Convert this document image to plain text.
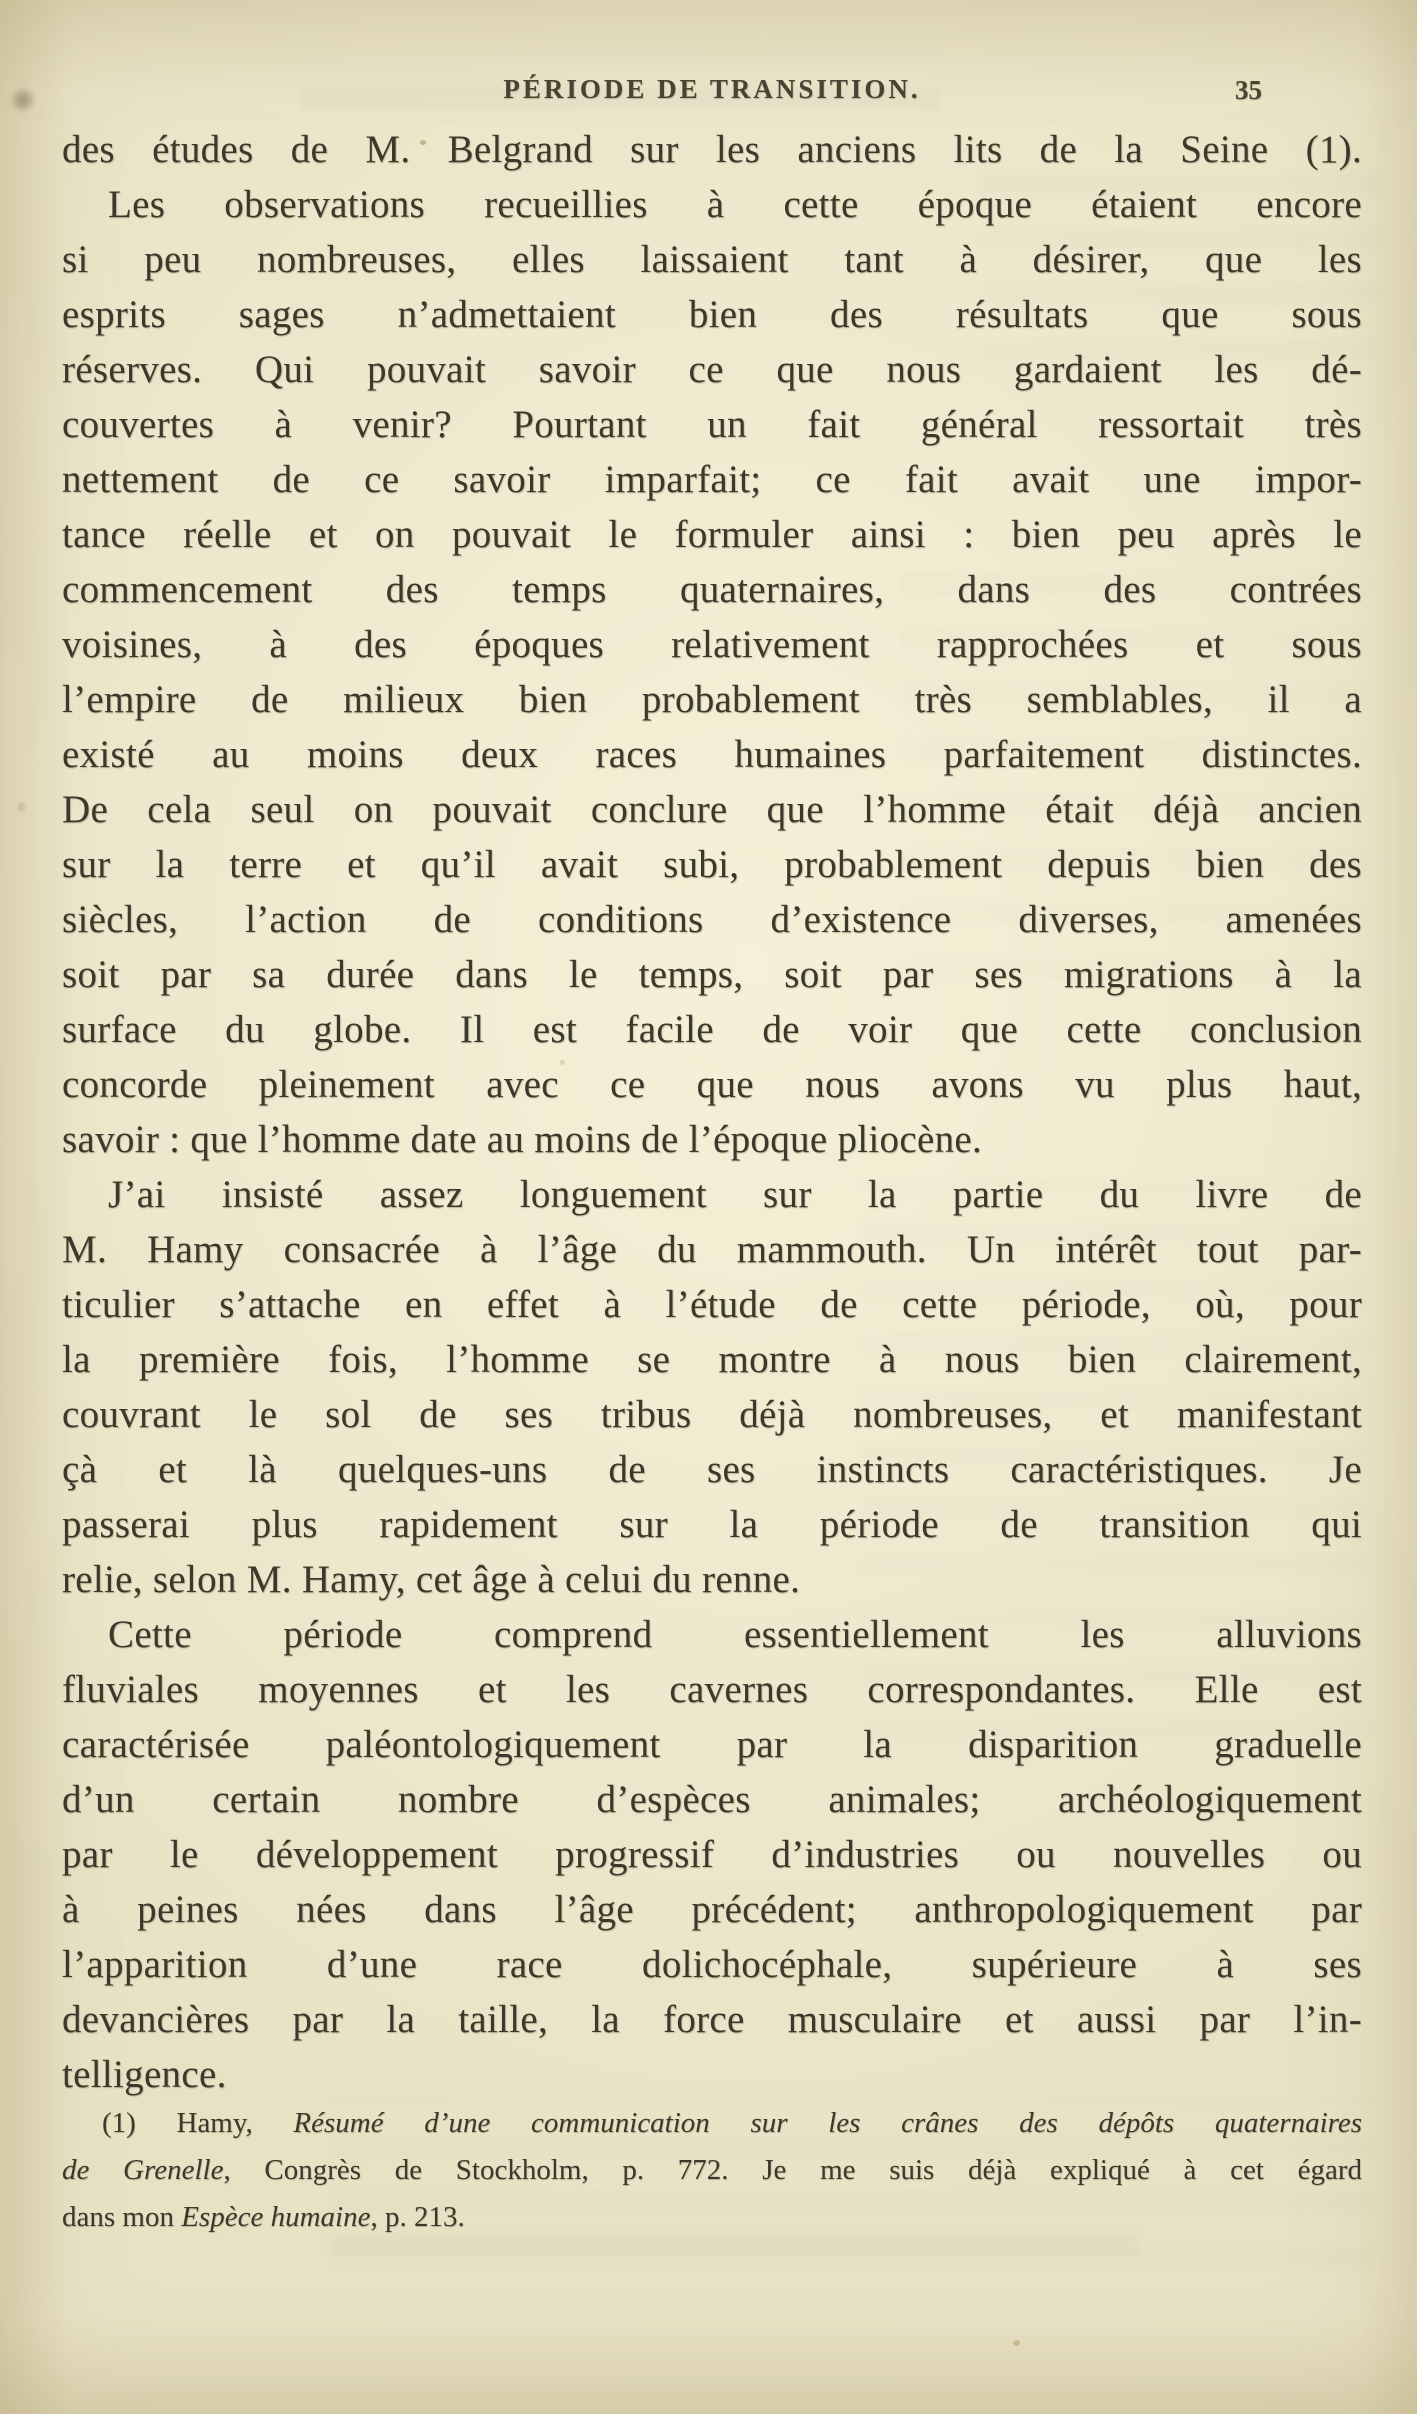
PÉRIODE DE TRANSITION.	35
des études de M. Belgrand sur les anciens lits de la Seine (1).
Les observations recueillies à cette époque étaient encore
si peu nombreuses, elles laissaient tant à désirer, que les
esprits sages n’admettaient bien des résultats que sous
réserves. Qui pouvait savoir ce que nous gardaient les dé-
couvertes à venir? Pourtant un fait général ressortait très
nettement de ce savoir imparfait; ce fait avait une impor-
tance réelle et on pouvait le formuler ainsi : bien peu après le
commencement des temps quaternaires, dans des contrées
voisines, à des époques relativement rapprochées et sous
l’empire de milieux bien probablement très semblables, il a
existé au moins deux races humaines parfaitement distinctes.
De cela seul on pouvait conclure que l’homme était déjà ancien
sur la terre et qu’il avait subi, probablement depuis bien des
siècles, l’action de conditions d’existence diverses, amenées
soit par sa durée dans le temps, soit par ses migrations à la
surface du globe. Il est facile de voir que cette conclusion
concorde pleinement avec ce que nous avons vu plus haut,
savoir : que l’homme date au moins de l’époque pliocène.
J’ai insisté assez longuement sur la partie du livre de
M. Hamy consacrée à l’âge du mammouth. Un intérêt tout par-
ticulier s’attache en effet à l’étude de cette période, où, pour
la première fois, l’homme se montre à nous bien clairement,
couvrant le sol de ses tribus déjà nombreuses, et manifestant
çà et là quelques-uns de ses instincts caractéristiques. Je
passerai plus rapidement sur la période de transition qui
relie, selon M. Hamy, cet âge à celui du renne.
Cette période comprend essentiellement les alluvions
fluviales moyennes et les cavernes correspondantes. Elle est
caractérisée paléontologiquement par la disparition graduelle
d’un certain nombre d’espèces animales; archéologiquement
par le développement progressif d’industries ou nouvelles ou
à peines nées dans l’âge précédent; anthropologiquement par
l’apparition d’une race dolichocéphale, supérieure à ses
devancières par la taille, la force musculaire et aussi par l’in-
telligence.
(1) Hamy, Résumé d’une communication sur les crânes des dépôts quaternaires
de Grenelle, Congrès de Stockholm, p. 772. Je me suis déjà expliqué à cet égard
dans mon Espèce humaine, p. 213.
